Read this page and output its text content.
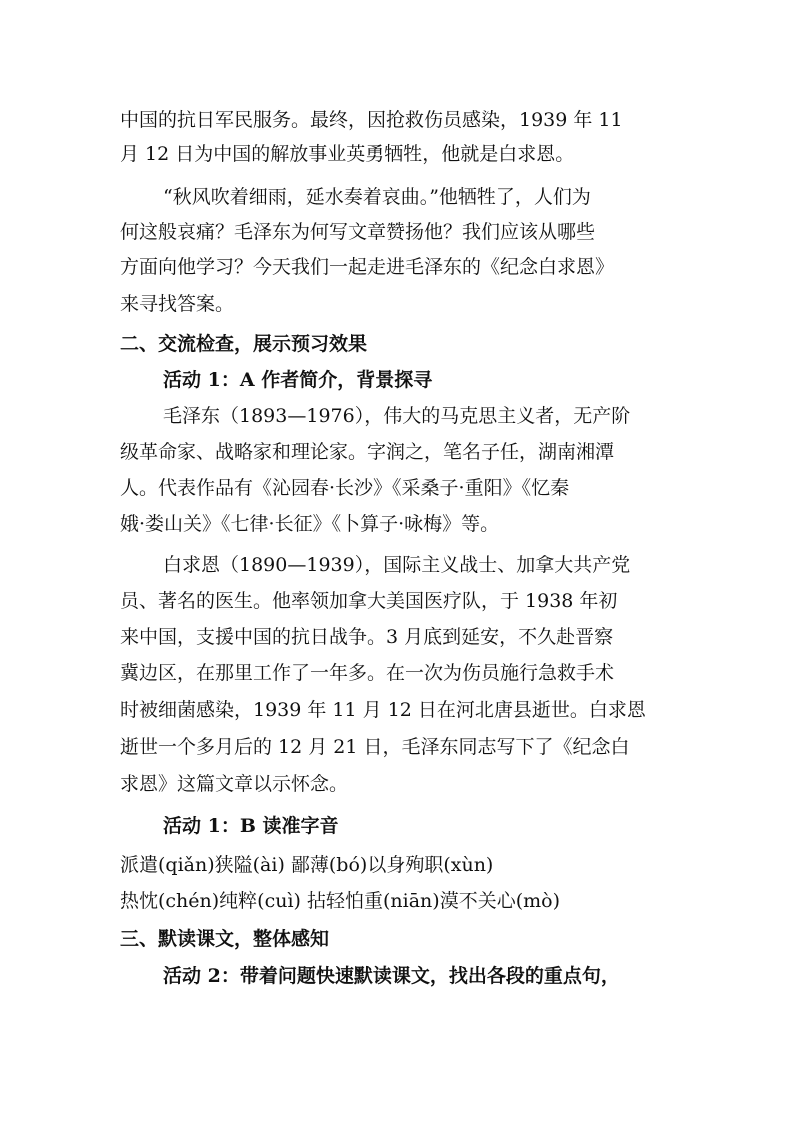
中国的抗日军民服务。最终，因抢救伤员感染，1939 年 11
月 12 日为中国的解放事业英勇牺牲，他就是白求恩。
“秋风吹着细雨，延水奏着哀曲。”他牺牲了，人们为
何这般哀痛？毛泽东为何写文章赞扬他？我们应该从哪些
方面向他学习？今天我们一起走进毛泽东的《纪念白求恩》
来寻找答案。
二、交流检查，展示预习效果
活动 1：A 作者简介，背景探寻
毛泽东（1893—1976），伟大的马克思主义者，无产阶
级革命家、战略家和理论家。字润之，笔名子任，湖南湘潭
人。代表作品有《沁园春·长沙》《采桑子·重阳》《忆秦
娥·娄山关》《七律·长征》《卜算子·咏梅》等。
白求恩（1890—1939），国际主义战士、加拿大共产党
员、著名的医生。他率领加拿大美国医疗队，于 1938 年初
来中国，支援中国的抗日战争。3 月底到延安，不久赴晋察
冀边区，在那里工作了一年多。在一次为伤员施行急救手术
时被细菌感染，1939 年 11 月 12 日在河北唐县逝世。白求恩
逝世一个多月后的 12 月 21 日，毛泽东同志写下了《纪念白
求恩》这篇文章以示怀念。
活动 1：B 读准字音
派遣(qiǎn)狭隘(ài) 鄙薄(bó)以身殉职(xùn)
热忱(chén)纯粹(cuì) 拈轻怕重(niān)漠不关心(mò)
三、默读课文，整体感知
活动 2：带着问题快速默读课文，找出各段的重点句，
